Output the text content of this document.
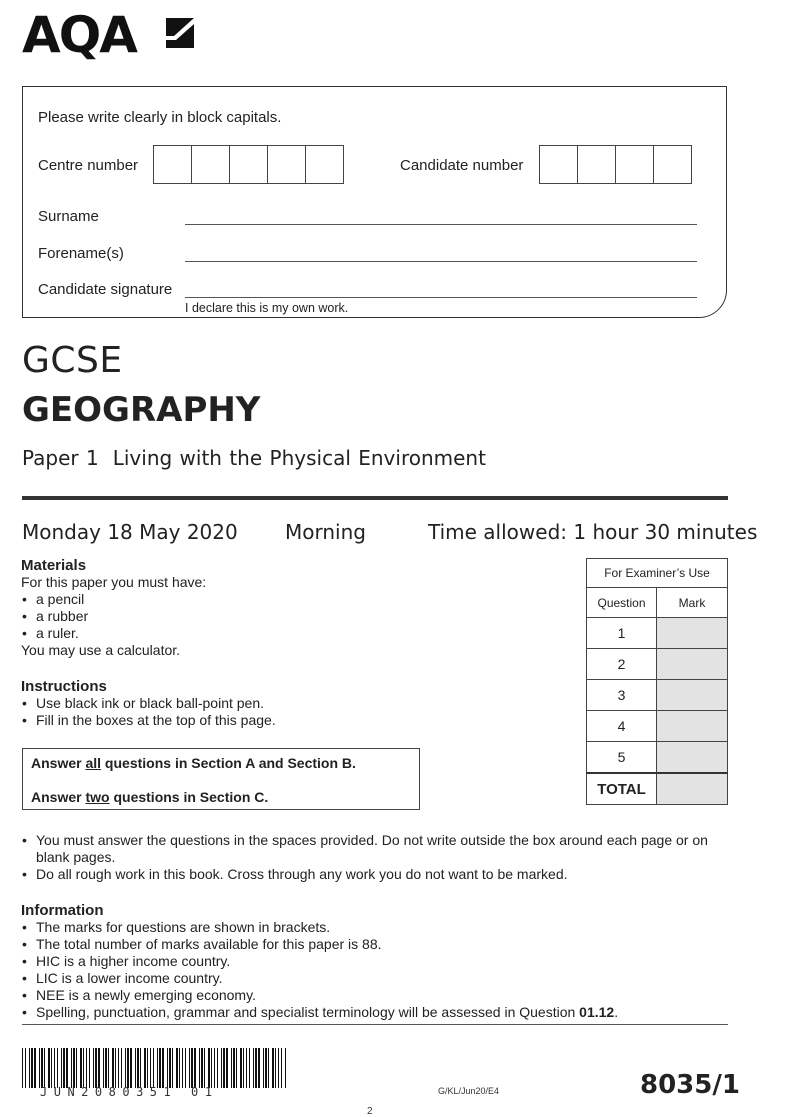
AQA
Please write clearly in block capitals.
Centre number	Candidate number
Surname
Forename(s)
Candidate signature
I declare this is my own work.
GCSE
GEOGRAPHY
Paper 1 Living with the Physical Environment
Monday 18 May 2020 Morning	Time allowed: 1 hour 30 minutes
Materials
For this paper you must have:
• a pencil
• a rubber
• a ruler.
You may use a calculator.
Instructions
• Use black ink or black ball-point pen.
• Fill in the boxes at the top of this page.
Answer all questions in Section A and Section B.
Answer two questions in Section C.
For Examiner’s Use	
Question	Mark
1	
2	
3	
4	
5	
TOTAL	
• You must answer the questions in the spaces provided. Do not write outside the box around each page or on blank pages.
• Do all rough work in this book. Cross through any work you do not want to be marked.
Information
• The marks for questions are shown in brackets.
• The total number of marks available for this paper is 88.
• HIC is a higher income country.
• LIC is a lower income country.
• NEE is a newly emerging economy.
• Spelling, punctuation, grammar and specialist terminology will be assessed in Question 01.12.
JUN2080351 01	G/KL/Jun20/E4	8035/1
2
